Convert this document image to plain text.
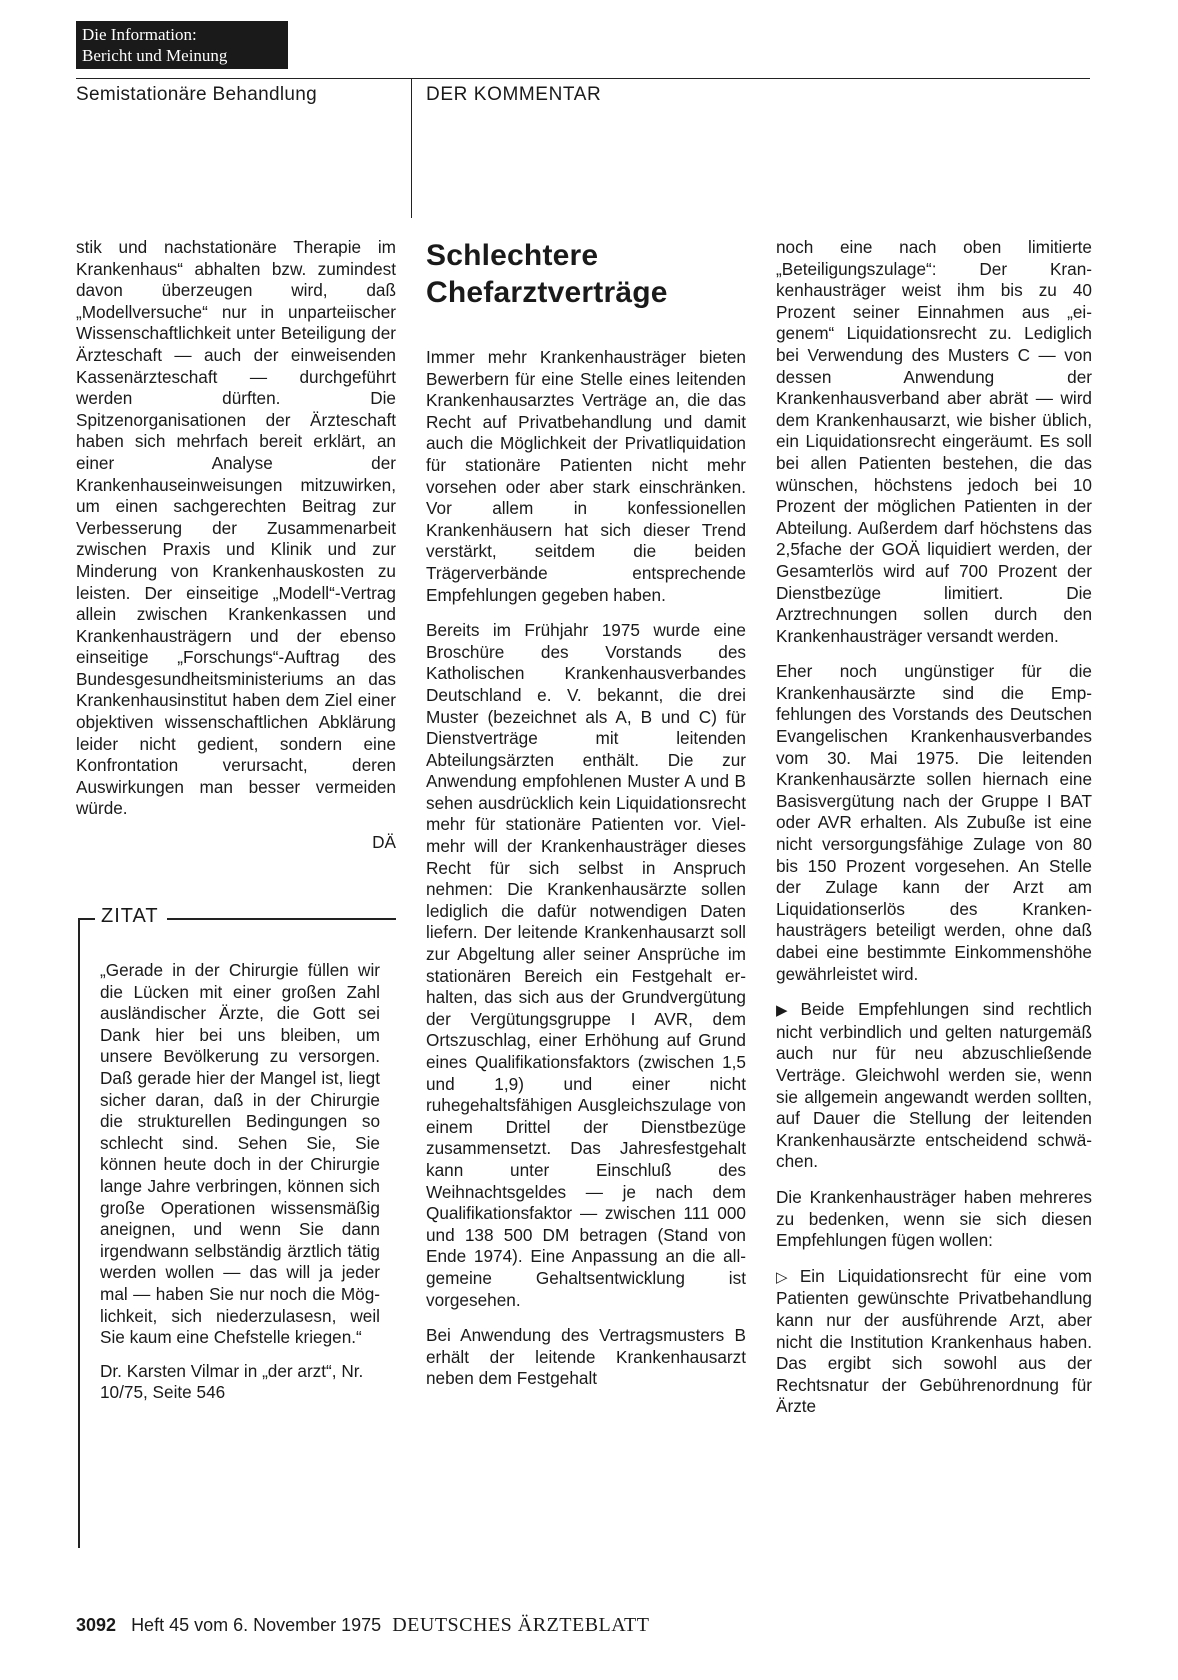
Die Information:
Bericht und Meinung
Semistationäre Behandlung	DER KOMMENTAR

stik und nachstationäre Therapie im Krankenhaus“ abhalten bzw. zumindest davon überzeugen wird, daß „Modellversuche“ nur in unparteiischer Wissenschaftlichkeit unter Beteiligung der Ärzteschaft — auch der einweisenden Kassenärzteschaft — durchgeführt werden dürften. Die Spitzenorganisationen der Ärzteschaft haben sich mehrfach bereit erklärt, an einer Analyse der Krankenhauseinweisungen mitzuwirken, um einen sachgerechten Beitrag zur Verbesserung der Zusammenarbeit zwischen Praxis und Klinik und zur Minderung von Krankenhauskosten zu leisten. Der einseitige „Modell“-Vertrag allein zwischen Krankenkassen und Krankenhausträgern und der ebenso einseitige „Forschungs“-Auftrag des Bundesgesundheitsministeriums an das Krankenhausinstitut haben dem Ziel einer objektiven wissenschaftlichen Abklärung leider nicht gedient, sondern eine Konfrontation verursacht, deren Auswirkungen man besser vermeiden würde.

DÄ
ZITAT

„Gerade in der Chirurgie füllen wir die Lücken mit einer großen Zahl ausländischer Ärzte, die Gott sei Dank hier bei uns bleiben, um unsere Bevölkerung zu versorgen. Daß gerade hier der Mangel ist, liegt sicher daran, daß in der Chirurgie die strukturellen Bedingungen so schlecht sind. Sehen Sie, Sie können heute doch in der Chirurgie lange Jahre verbringen, können sich große Operationen wissensmäßig aneignen, und wenn Sie dann irgendwann selbständig ärztlich tätig werden wollen — das will ja jeder mal — haben Sie nur noch die Möglichkeit, sich niederzulasesn, weil Sie kaum eine Chefstelle kriegen.“

Dr. Karsten Vilmar in „der arzt“, Nr. 10/75, Seite 546

Schlechtere
Chefarztverträge

Immer mehr Krankenhausträger bieten Bewerbern für eine Stelle eines leitenden Krankenhausarztes Verträge an, die das Recht auf Privatbehandlung und damit auch die Möglichkeit der Privatliquidation für stationäre Patienten nicht mehr vorsehen oder aber stark einschränken. Vor allem in konfessionellen Krankenhäusern hat sich dieser Trend verstärkt, seitdem die beiden Trägerverbände entsprechende Empfehlungen gegeben haben.

Bereits im Frühjahr 1975 wurde eine Broschüre des Vorstands des Katholischen Krankenhausverbandes Deutschland e. V. bekannt, die drei Muster (bezeichnet als A, B und C) für Dienstverträge mit leitenden Abteilungsärzten enthält. Die zur Anwendung empfohlenen Muster A und B sehen ausdrücklich kein Liquidationsrecht mehr für stationäre Patienten vor. Vielmehr will der Krankenhausträger dieses Recht für sich selbst in Anspruch nehmen: Die Krankenhausärzte sollen lediglich die dafür notwendigen Daten liefern. Der leitende Krankenhausarzt soll zur Abgeltung aller seiner Ansprüche im stationären Bereich ein Festgehalt erhalten, das sich aus der Grundvergütung der Vergütungsgruppe I AVR, dem Ortszuschlag, einer Erhöhung auf Grund eines Qualifikationsfaktors (zwischen 1,5 und 1,9) und einer nicht ruhegehaltsfähigen Ausgleichszulage von einem Drittel der Dienstbezüge zusammensetzt. Das Jahresfestgehalt kann unter Einschluß des Weihnachtsgeldes — je nach dem Qualifikationsfaktor — zwischen 111 000 und 138 500 DM betragen (Stand von Ende 1974). Eine Anpassung an die allgemeine Gehaltsentwicklung ist vorgesehen.

Bei Anwendung des Vertragsmusters B erhält der leitende Krankenhausarzt neben dem Festgehalt

noch eine nach oben limitierte „Beteiligungszulage“: Der Krankenhausträger weist ihm bis zu 40 Prozent seiner Einnahmen aus „eigenem“ Liquidationsrecht zu. Lediglich bei Verwendung des Musters C — von dessen Anwendung der Krankenhausverband aber abrät — wird dem Krankenhausarzt, wie bisher üblich, ein Liquidationsrecht eingeräumt. Es soll bei allen Patienten bestehen, die das wünschen, höchstens jedoch bei 10 Prozent der möglichen Patienten in der Abteilung. Außerdem darf höchstens das 2,5fache der GOÄ liquidiert werden, der Gesamterlös wird auf 700 Prozent der Dienstbezüge limitiert. Die Arztrechnungen sollen durch den Krankenhausträger versandt werden.

Eher noch ungünstiger für die Krankenhausärzte sind die Empfehlungen des Vorstands des Deutschen Evangelischen Krankenhausverbandes vom 30. Mai 1975. Die leitenden Krankenhausärzte sollen hiernach eine Basisvergütung nach der Gruppe I BAT oder AVR erhalten. Als Zubuße ist eine nicht versorgungsfähige Zulage von 80 bis 150 Prozent vorgesehen. An Stelle der Zulage kann der Arzt am Liquidationserlös des Krankenhausträgers beteiligt werden, ohne daß dabei eine bestimmte Einkommenshöhe gewährleistet wird.

▶ Beide Empfehlungen sind rechtlich nicht verbindlich und gelten naturgemäß auch nur für neu abzuschließende Verträge. Gleichwohl werden sie, wenn sie allgemein angewandt werden sollten, auf Dauer die Stellung der leitenden Krankenhausärzte entscheidend schwächen.

Die Krankenhausträger haben mehreres zu bedenken, wenn sie sich diesen Empfehlungen fügen wollen:

▷ Ein Liquidationsrecht für eine vom Patienten gewünschte Privatbehandlung kann nur der ausführende Arzt, aber nicht die Institution Krankenhaus haben. Das ergibt sich sowohl aus der Rechtsnatur der Gebührenordnung für Ärzte

3092 Heft 45 vom 6. November 1975 DEUTSCHES ÄRZTEBLATT
